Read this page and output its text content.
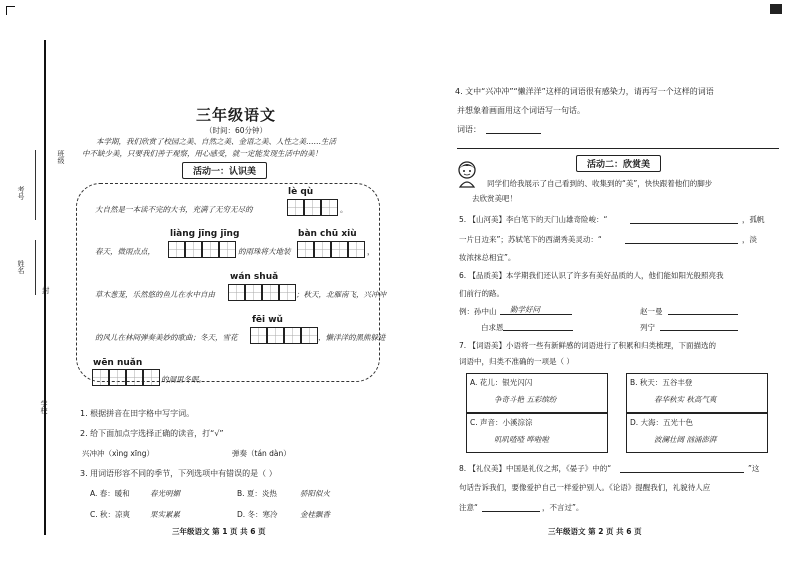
考号
姓名
班级
学校
封
三年级语文
（时间：60分钟）
本学期，我们欣赏了校园之美、自然之美、金语之美、人性之美……生活
中不缺少美，只要我们善于观察，用心感受，就一定能发现生活中的美！
活动一：认识美
lè qù
大自然是一本读不完的大书，充满了无穷无尽的	。
liàng jīng jīng	bàn chū xiù
春天，微雨点点，	的雨珠将大地装	，
wán shuǎ
草木葱茏，乐然悠的鱼儿在水中自由	；秋天，北雁南飞，兴冲冲
fēi wǔ
的风儿在林间弹奏美妙的歌曲；冬天，雪花	，懒洋洋的黑熊躲进
wēn nuǎn
的洞里冬眠。
1. 根据拼音在田字格中写字词。
2. 给下面加点字选择正确的读音，打“√”
兴冲冲（xìng xīng）	弹奏（tán dàn）
3. 用词语形容不同的季节，下列选项中有错误的是（ ）
A. 春：暖和	春光明媚	B. 夏：炎热	骄阳似火
C. 秋：凉爽	果实累累	D. 冬：寒冷	金桂飘香
三年级语文 第 1 页 共 6 页
4. 文中“兴冲冲”“懒洋洋”这样的词语很有感染力，请再写一个这样的词语
并想象着画面用这个词语写一句话。
词语：
活动二：欣赏美
同学们给我展示了自己看到的、收集到的“美”，快快跟着他们的脚步
去欣赏美吧！
5. 【山河美】李白笔下的天门山雄奇险峻：“	，孤帆
一片日边来”；苏轼笔下的西湖秀美灵动：“	，淡
妆浓抹总相宜”。
6. 【品质美】本学期我们还认识了许多有美好品质的人，他们能如阳光般照亮我
们前行的路。
例：孙中山 勤学好问	赵一曼
白求恩	列宁
7. 【词语美】小语将一些有新鲜感的词语进行了积累和归类梳理，下面描选的
词语中，归类不准确的一项是（ ）
A. 花儿：银光闪闪
争奇斗艳 五彩缤纷
B. 秋天：五谷丰登
春华秋实 秋高气爽
C. 声音：小溪淙淙
叽叽喳喳 哗啦啦
D. 大海：五光十色
波澜壮阔 汹涌澎湃
8. 【礼仪美】中国是礼仪之邦，《晏子》中的“	”这
句话告诉我们，要像爱护自己一样爱护别人。《论语》提醒我们，礼貌待人应
注意“	，不言过”。
三年级语文 第 2 页 共 6 页
